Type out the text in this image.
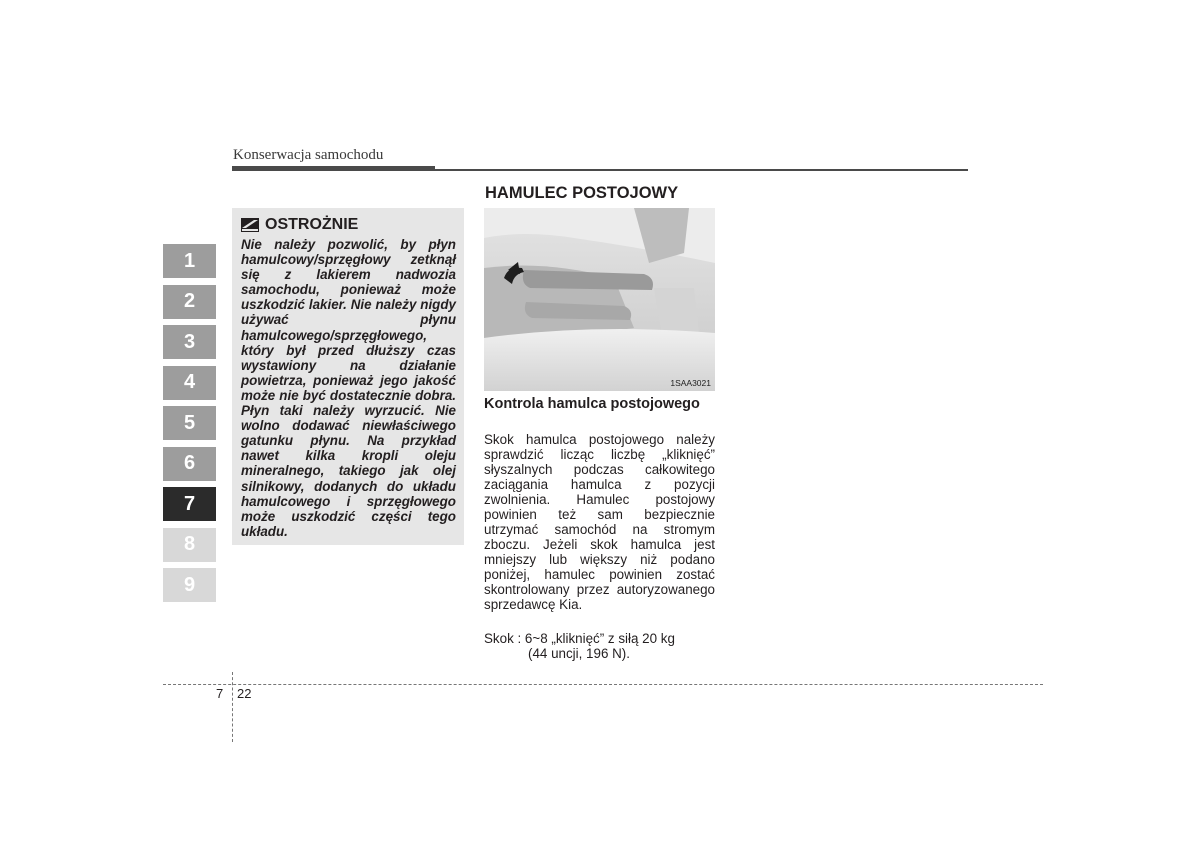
Konserwacja samochodu
1
2
3
4
5
6
7
8
9
OSTROŻNIE
Nie należy pozwolić, by płyn hamulcowy/sprzęgłowy zetknął się z lakierem nadwozia samochodu, ponieważ może uszkodzić lakier. Nie należy nigdy używać płynu hamulcowego/sprzęgłowego, który był przed dłuższy czas wystawiony na działanie powietrza, ponieważ jego jakość może nie być dostatecznie dobra. Płyn taki należy wyrzucić. Nie wolno dodawać niewłaściwego gatunku płynu. Na przykład nawet kilka kropli oleju mineralnego, takiego jak olej silnikowy, dodanych do układu hamulcowego i sprzęgłowego może uszkodzić części tego układu.
HAMULEC POSTOJOWY
1SAA3021
Kontrola hamulca postojowego
Skok hamulca postojowego należy sprawdzić licząc liczbę „kliknięć” słyszalnych podczas całkowitego zaciągania hamulca z pozycji zwolnienia. Hamulec postojowy powinien też sam bezpiecznie utrzymać samochód na stromym zboczu. Jeżeli skok hamulca jest mniejszy lub większy niż podano poniżej, hamulec powinien zostać skontrolowany przez autoryzowanego sprzedawcę Kia.
Skok : 6~8 „kliknięć” z siłą 20 kg
(44 uncji, 196 N).
7 22
